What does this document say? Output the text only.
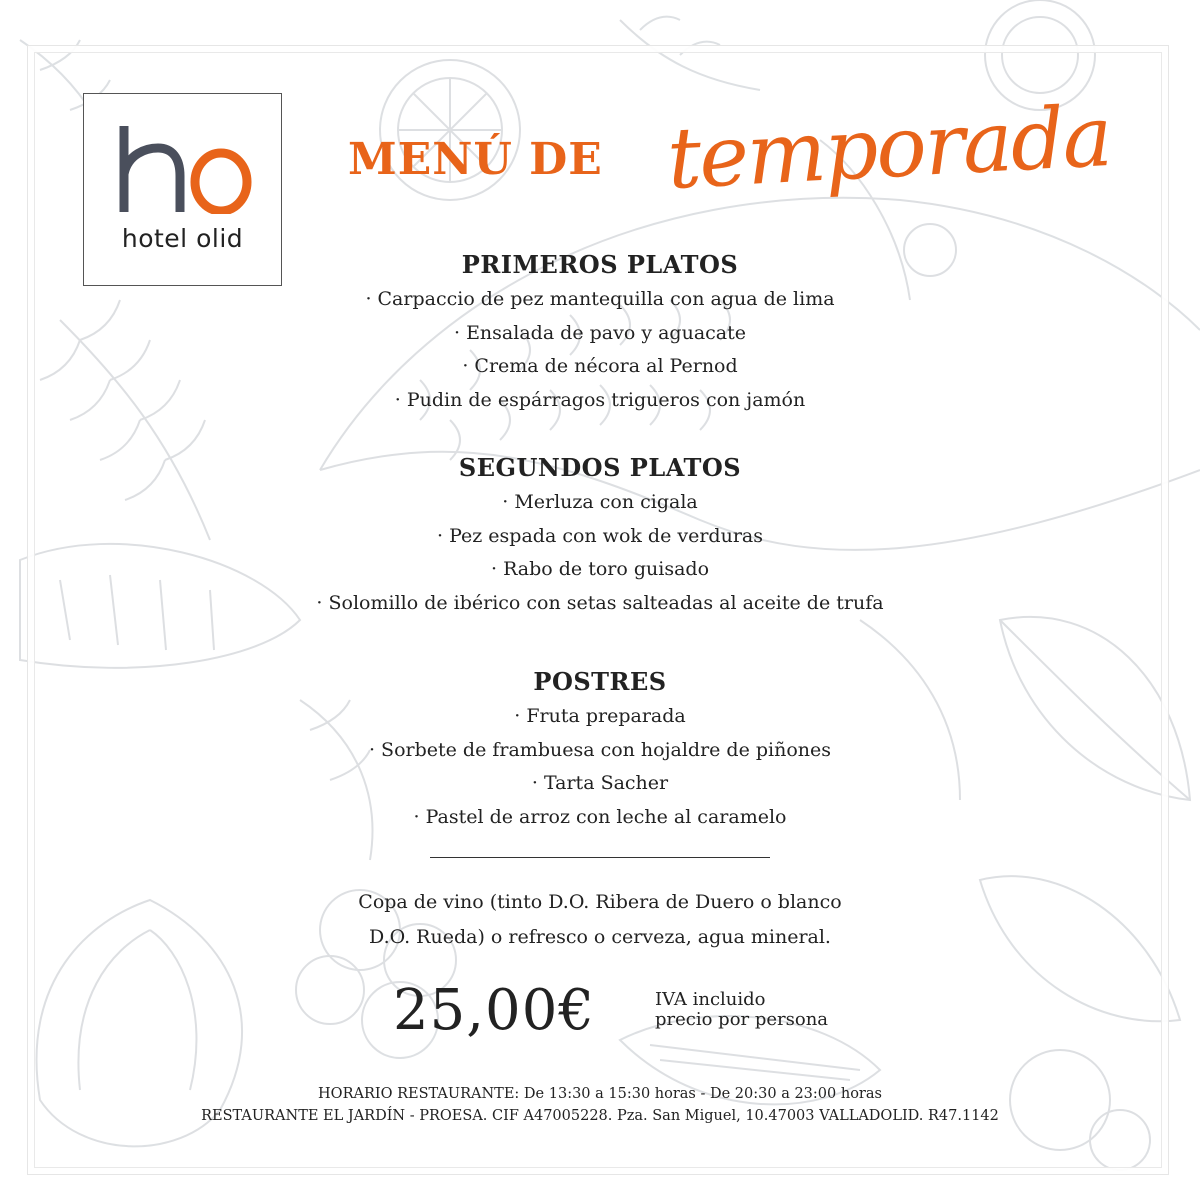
hotel olid
MENÚ DE temporada
PRIMEROS PLATOS
· Carpaccio de pez mantequilla con agua de lima
· Ensalada de pavo y aguacate
· Crema de nécora al Pernod
· Pudin de espárragos trigueros con jamón
SEGUNDOS PLATOS
· Merluza con cigala
· Pez espada con wok de verduras
· Rabo de toro guisado
· Solomillo de ibérico con setas salteadas al aceite de trufa
POSTRES
· Fruta preparada
· Sorbete de frambuesa con hojaldre de piñones
· Tarta Sacher
· Pastel de arroz con leche al caramelo
Copa de vino (tinto D.O. Ribera de Duero o blanco
D.O. Rueda) o refresco o cerveza, agua mineral.
25,00€	IVA incluido
precio por persona
HORARIO RESTAURANTE: De 13:30 a 15:30 horas - De 20:30 a 23:00 horas
RESTAURANTE EL JARDÍN - PROESA. CIF A47005228. Pza. San Miguel, 10.47003 VALLADOLID. R47.1142
